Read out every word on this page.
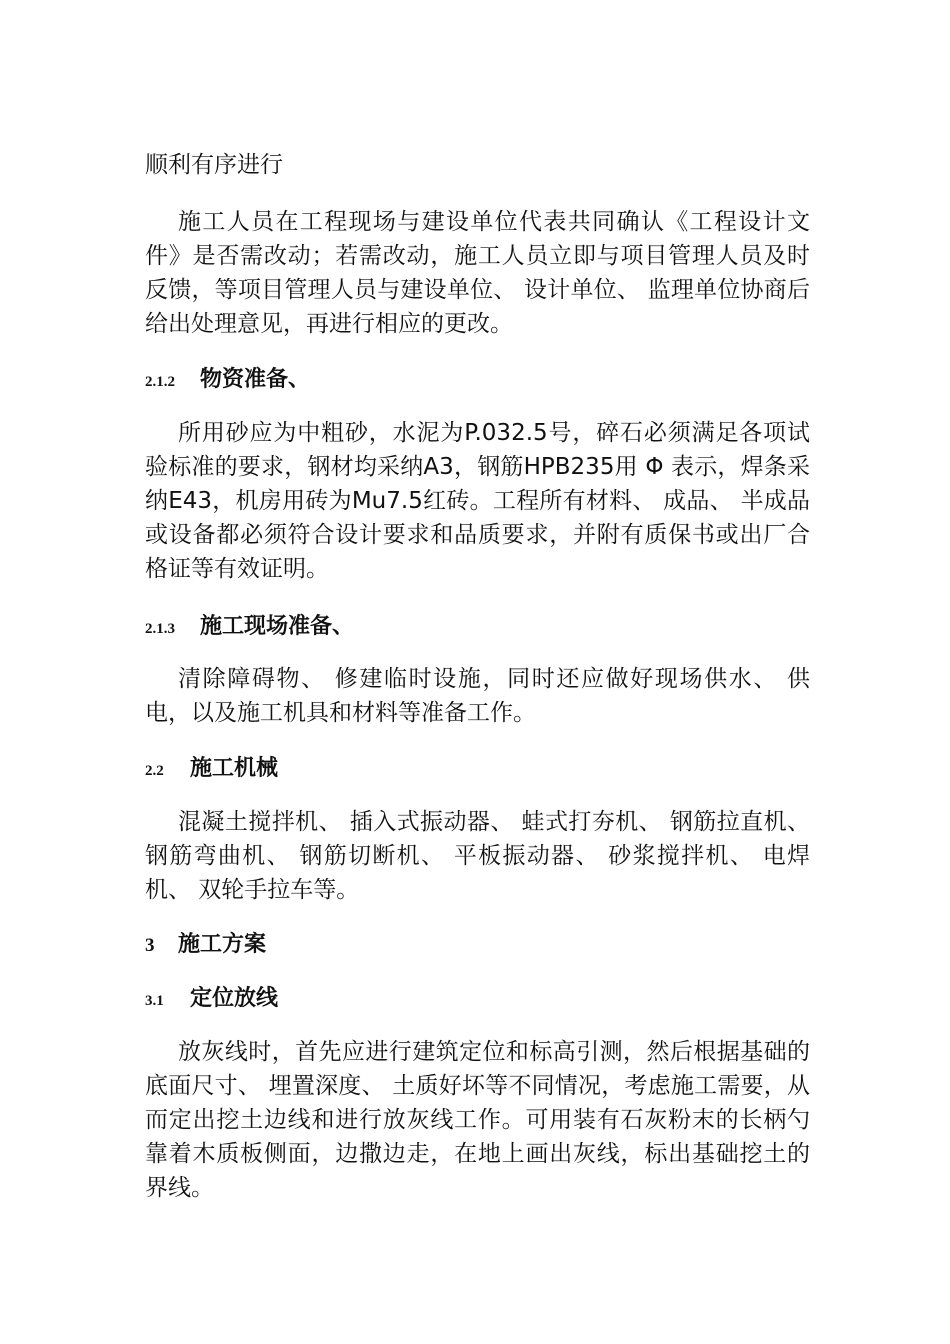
顺利有序进行

施工人员在工程现场与建设单位代表共同确认《工程设计文件》是否需改动；若需改动，施工人员立即与项目管理人员及时反馈，等项目管理人员与建设单位、 设计单位、 监理单位协商后给出处理意见，再进行相应的更改。

2.1.2	物资准备、

所用砂应为中粗砂，水泥为P.032.5号，碎石必须满足各项试验标准的要求，钢材均采纳A3，钢筋HPB235用 Φ 表示，焊条采纳E43，机房用砖为Mu7.5红砖。工程所有材料、 成品、 半成品或设备都必须符合设计要求和品质要求，并附有质保书或出厂合格证等有效证明。

2.1.3	施工现场准备、

清除障碍物、 修建临时设施，同时还应做好现场供水、 供电，以及施工机具和材料等准备工作。

2.2	施工机械

混凝土搅拌机、 插入式振动器、 蛙式打夯机、 钢筋拉直机、 钢筋弯曲机、 钢筋切断机、 平板振动器、 砂浆搅拌机、 电焊机、 双轮手拉车等。

3	施工方案
3.1	定位放线

放灰线时，首先应进行建筑定位和标高引测，然后根据基础的底面尺寸、 埋置深度、 土质好坏等不同情况，考虑施工需要，从而定出挖土边线和进行放灰线工作。可用装有石灰粉末的长柄勺靠着木质板侧面，边撒边走，在地上画出灰线，标出基础挖土的界线。
